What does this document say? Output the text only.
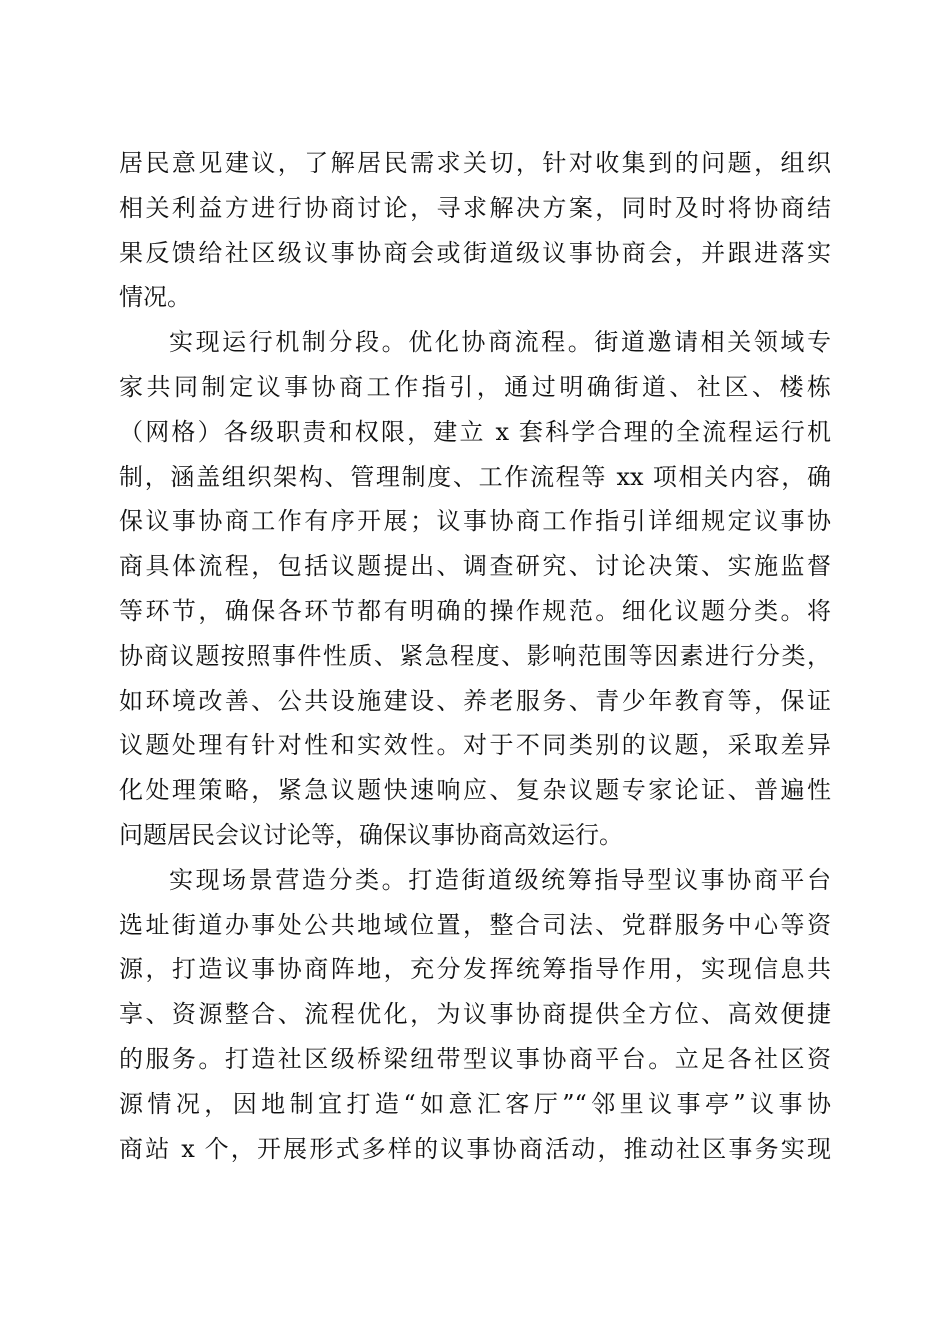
居民意见建议，了解居民需求关切，针对收集到的问题，组织
相关利益方进行协商讨论，寻求解决方案，同时及时将协商结
果反馈给社区级议事协商会或街道级议事协商会，并跟进落实
情况。
实现运行机制分段。优化协商流程。街道邀请相关领域专
家共同制定议事协商工作指引，通过明确街道、社区、楼栋
（网格）各级职责和权限，建立 x 套科学合理的全流程运行机
制，涵盖组织架构、管理制度、工作流程等 xx 项相关内容，确
保议事协商工作有序开展；议事协商工作指引详细规定议事协
商具体流程，包括议题提出、调查研究、讨论决策、实施监督
等环节，确保各环节都有明确的操作规范。细化议题分类。将
协商议题按照事件性质、紧急程度、影响范围等因素进行分类，
如环境改善、公共设施建设、养老服务、青少年教育等，保证
议题处理有针对性和实效性。对于不同类别的议题，采取差异
化处理策略，紧急议题快速响应、复杂议题专家论证、普遍性
问题居民会议讨论等，确保议事协商高效运行。
实现场景营造分类。打造街道级统筹指导型议事协商平台
选址街道办事处公共地域位置，整合司法、党群服务中心等资
源，打造议事协商阵地，充分发挥统筹指导作用，实现信息共
享、资源整合、流程优化，为议事协商提供全方位、高效便捷
的服务。打造社区级桥梁纽带型议事协商平台。立足各社区资
源情况，因地制宜打造“如意汇客厅”“邻里议事亭”议事协
商站 x 个，开展形式多样的议事协商活动，推动社区事务实现
